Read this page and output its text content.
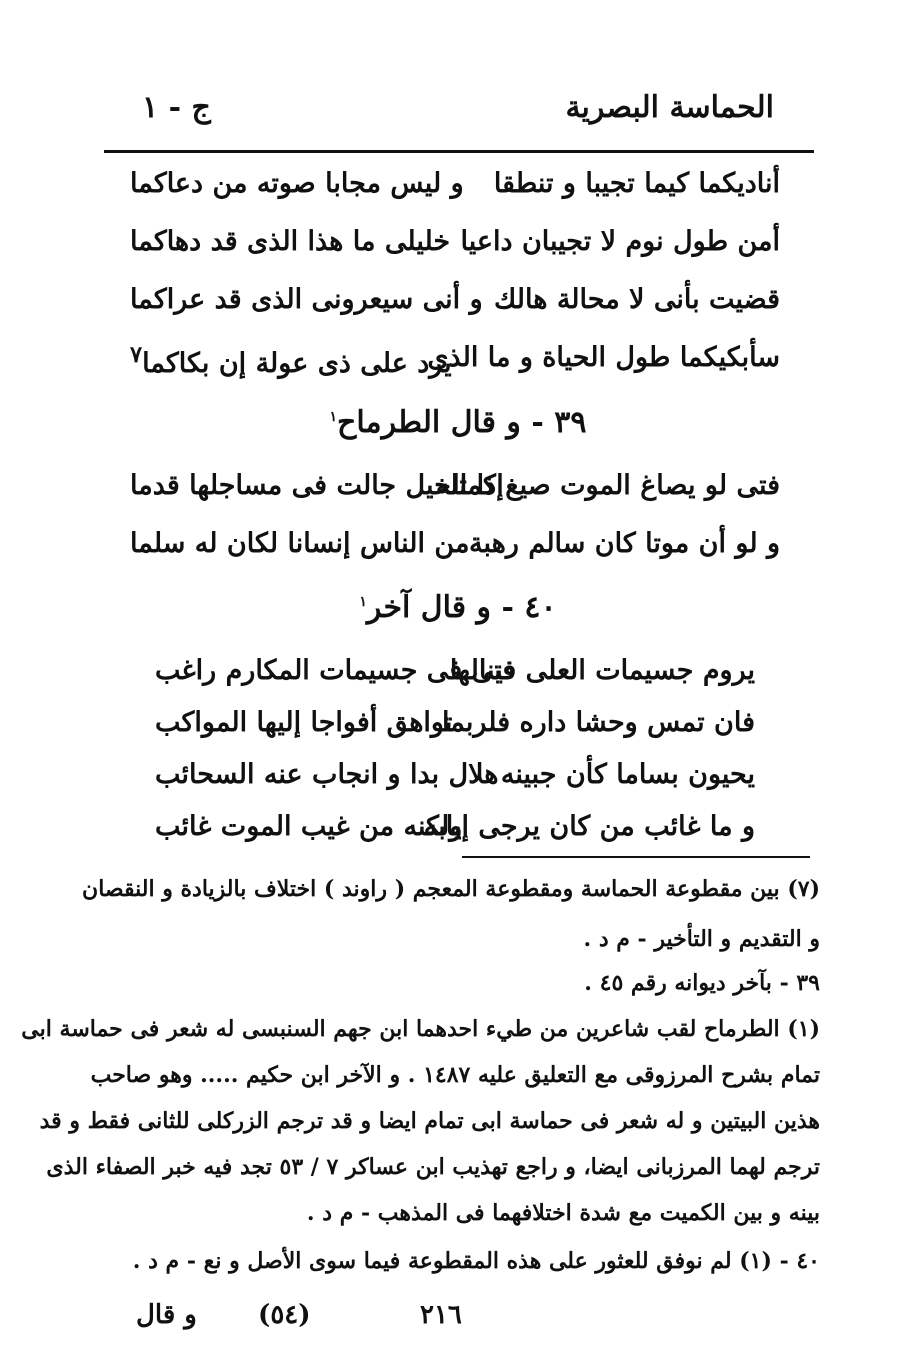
الحماسة البصرية
ج - ١
أناديكما كيما تجيبا و تنطقا
و ليس مجابا صوته من دعاكما
أمن طول نوم لا تجيبان داعيا
خليلى ما هذا الذى قد دهاكما
قضيت بأنى لا محالة هالك
و أنى سيعرونى الذى قد عراكما
سأبكيكما طول الحياة و ما الذى
يرد على ذى عولة إن بكاكما$^٧$
٣٩ - و قال الطرماح$^١$
فتى لو يصاغ الموت صيغ كمثله
إذا الخيل جالت فى مساجلها قدما
و لو أن موتا كان سالم رهبة
من الناس إنسانا لكان له سلما
٤٠ - و قال آخر$^١$
يروم جسيمات العلى فينالها
فتى فى جسيمات المكارم راغب
فان تمس وحشا داره فلربما
تواهق أفواجا إليها المواكب
يحيون بساما كأن جبينه
هلال بدا و انجاب عنه السحائب
و ما غائب من كان يرجى إيابه
ولكنه من غيب الموت غائب
(٧) بين مقطوعة الحماسة ومقطوعة المعجم ( راوند ) اختلاف بالزيادة و النقصان
و التقديم و التأخير - م د .
٣٩ - بآخر ديوانه رقم ٤٥ .
(١) الطرماح لقب شاعرين من طيء احدهما ابن جهم السنبسى له شعر فى حماسة ابى
تمام بشرح المرزوقى مع التعليق عليه ١٤٨٧ . و الآخر ابن حكيم ..... وهو صاحب
هذين البيتين و له شعر فى حماسة ابى تمام ايضا و قد ترجم الزركلى للثانى فقط و قد
ترجم لهما المرزبانى ايضا، و راجع تهذيب ابن عساكر ٧ / ٥٣ تجد فيه خبر الصفاء الذى
بينه و بين الكميت مع شدة اختلافهما فى المذهب - م د .
٤٠ - (١) لم نوفق للعثور على هذه المقطوعة فيما سوى الأصل و نع - م د .
٢١٦
(٥٤)
و قال
